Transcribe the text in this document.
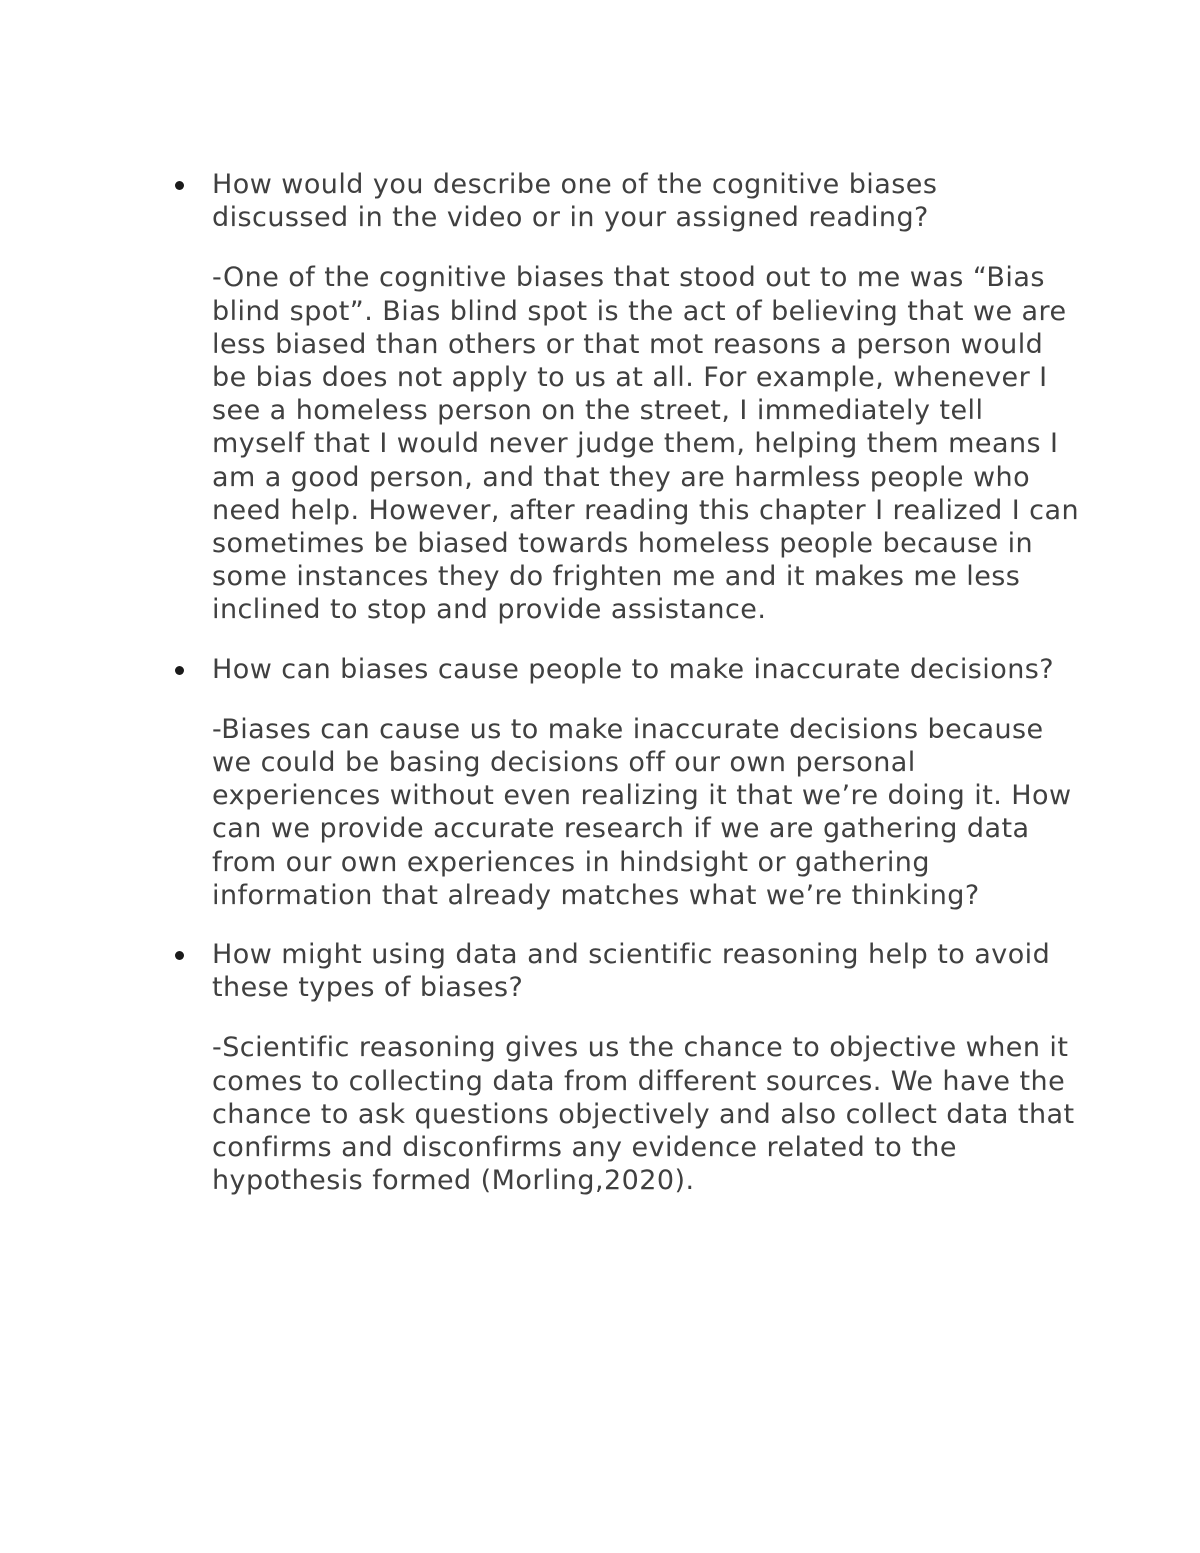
How would you describe one of the cognitive biases discussed in the video or in your assigned reading?

-One of the cognitive biases that stood out to me was “Bias blind spot”. Bias blind spot is the act of believing that we are less biased than others or that mot reasons a person would be bias does not apply to us at all. For example, whenever I see a homeless person on the street, I immediately tell myself that I would never judge them, helping them means I am a good person, and that they are harmless people who need help. However, after reading this chapter I realized I can sometimes be biased towards homeless people because in some instances they do frighten me and it makes me less inclined to stop and provide assistance.

How can biases cause people to make inaccurate decisions?

-Biases can cause us to make inaccurate decisions because we could be basing decisions off our own personal experiences without even realizing it that we’re doing it. How can we provide accurate research if we are gathering data from our own experiences in hindsight or gathering information that already matches what we’re thinking?

How might using data and scientific reasoning help to avoid these types of biases?

-Scientific reasoning gives us the chance to objective when it comes to collecting data from different sources. We have the chance to ask questions objectively and also collect data that confirms and disconfirms any evidence related to the hypothesis formed (Morling,2020).
